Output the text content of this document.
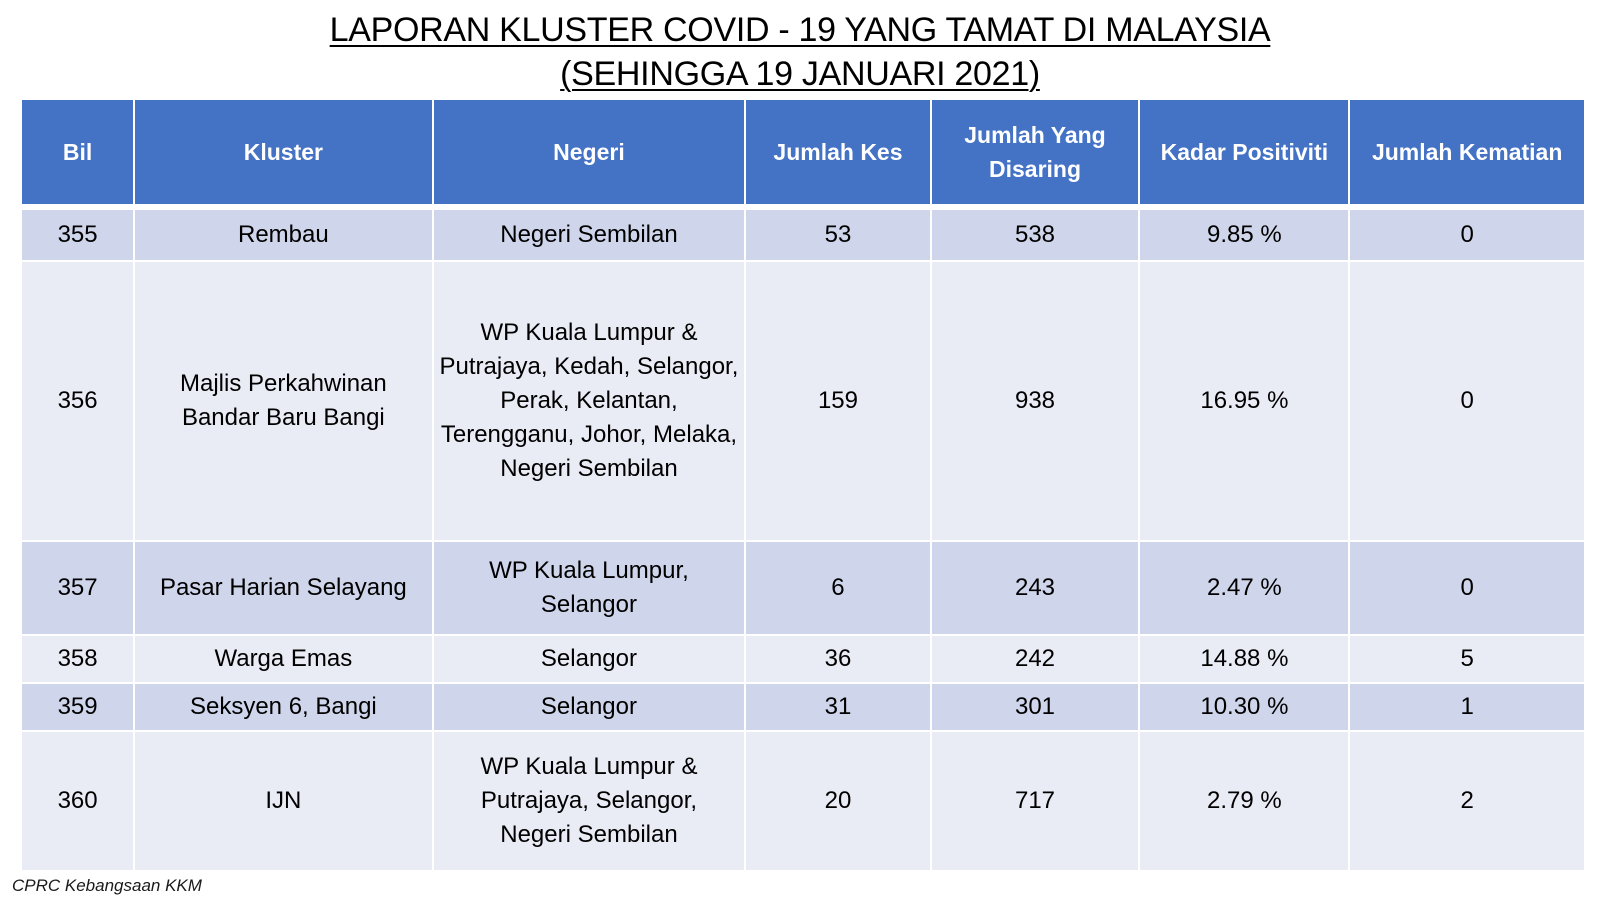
LAPORAN KLUSTER COVID - 19 YANG TAMAT DI MALAYSIA
(SEHINGGA 19 JANUARI 2021)
Bil	Kluster	Negeri	Jumlah Kes	Jumlah Yang Disaring	Kadar Positiviti	Jumlah Kematian
355	Rembau	Negeri Sembilan	53	538	9.85 %	0
356	Majlis Perkahwinan Bandar Baru Bangi	WP Kuala Lumpur & Putrajaya, Kedah, Selangor, Perak, Kelantan, Terengganu, Johor, Melaka, Negeri Sembilan	159	938	16.95 %	0
357	Pasar Harian Selayang	WP Kuala Lumpur, Selangor	6	243	2.47 %	0
358	Warga Emas	Selangor	36	242	14.88 %	5
359	Seksyen 6, Bangi	Selangor	31	301	10.30 %	1
360	IJN	WP Kuala Lumpur & Putrajaya, Selangor, Negeri Sembilan	20	717	2.79 %	2
CPRC Kebangsaan KKM
